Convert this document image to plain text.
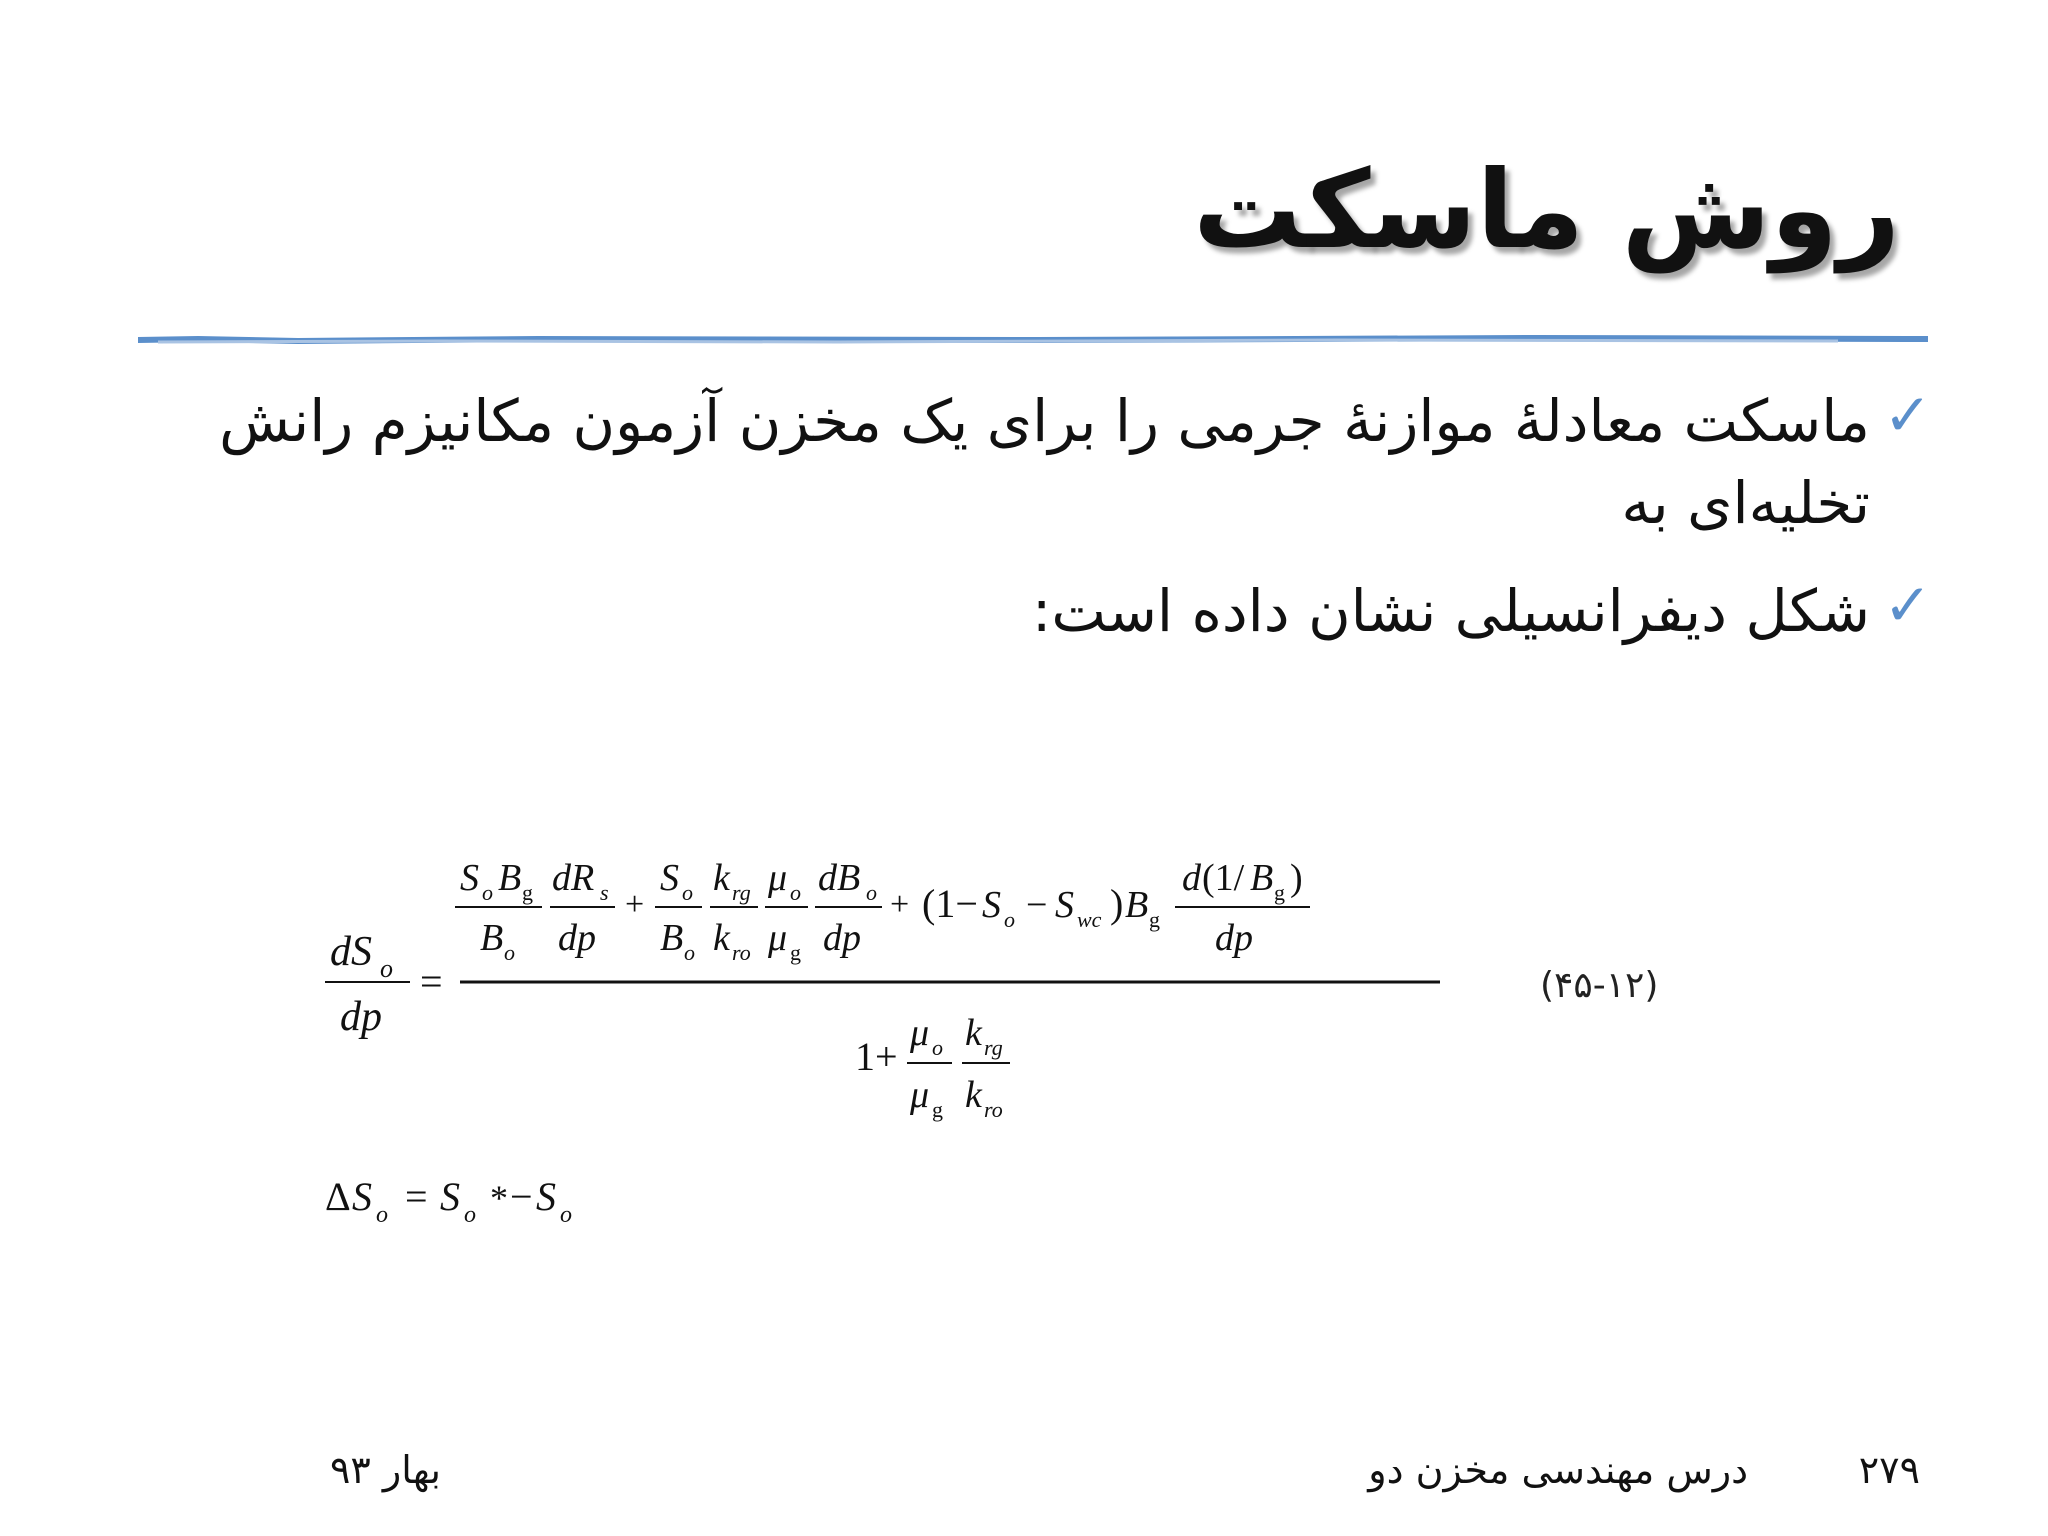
روش ماسکت
✓
ماسکت معادلهٔ موازنهٔ جرمی را برای یک مخزن آزمون مکانیزم رانش تخلیه‌ای به
✓
شکل دیفرانسیلی نشان داده است:
dS o
dp
=
S o B g
B o
dR s
dp
+
S o
B o
k rg
k ro
μ o
μ g
dB o
dp
+ (1− S o − S wc ) B g
d (1/ B g )
dp
1+
μ o
μ g
k rg
k ro
Δ S o = S o * − S o
(۴۵-۱۲)
۲۷۹
درس مهندسی مخزن دو
بهار ۹۳
